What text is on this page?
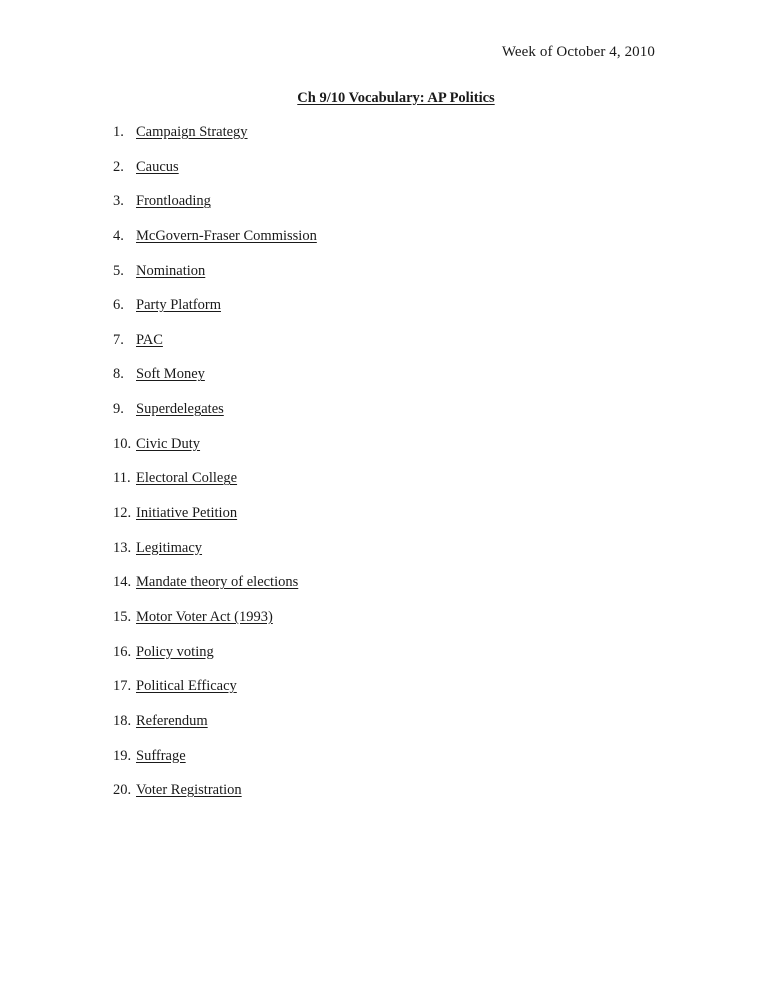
Week of October 4, 2010
Ch 9/10 Vocabulary: AP Politics
1. Campaign Strategy
2. Caucus
3. Frontloading
4. McGovern-Fraser Commission
5. Nomination
6. Party Platform
7. PAC
8. Soft Money
9. Superdelegates
10. Civic Duty
11. Electoral College
12. Initiative Petition
13. Legitimacy
14. Mandate theory of elections
15. Motor Voter Act (1993)
16. Policy voting
17. Political Efficacy
18. Referendum
19. Suffrage
20. Voter Registration
